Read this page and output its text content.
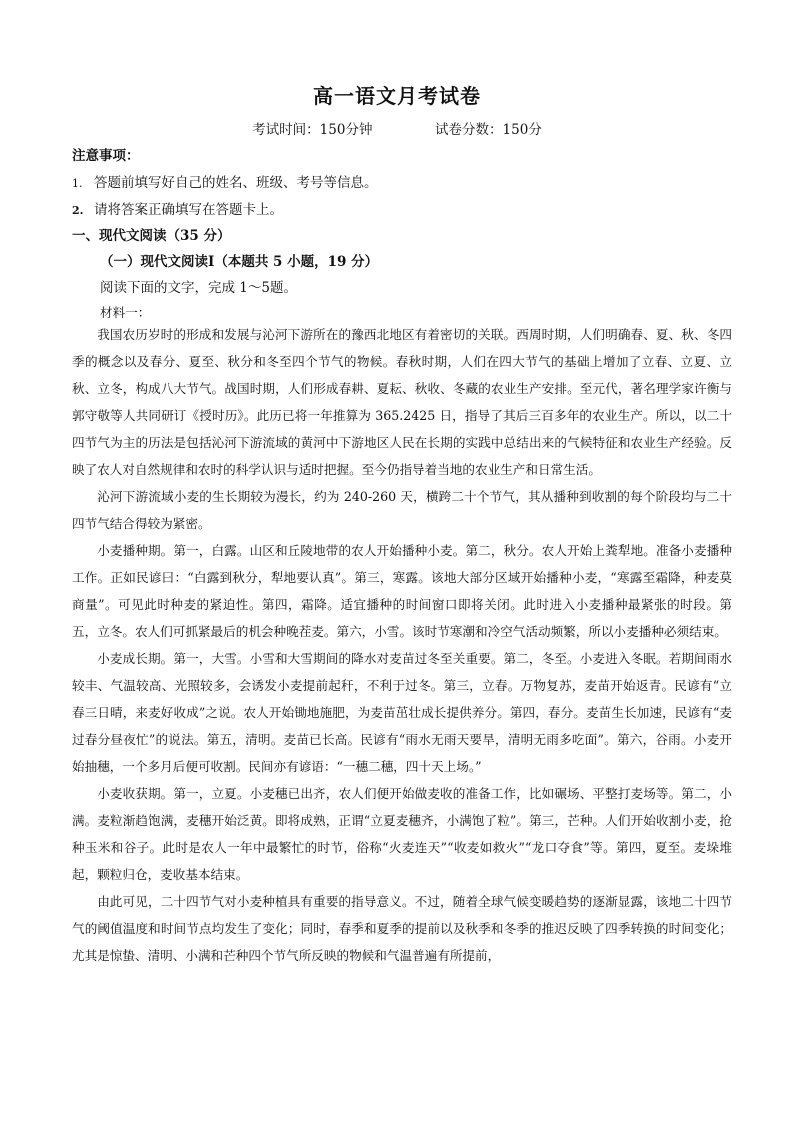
高一语文月考试卷
考试时间：150分钟	试卷分数：150分
注意事项：
1. 答题前填写好自己的姓名、班级、考号等信息。
2. 请将答案正确填写在答题卡上。
一、现代文阅读（35 分）
（一）现代文阅读Ⅰ（本题共 5 小题，19 分）
阅读下面的文字，完成 1～5题。
材料一：

我国农历岁时的形成和发展与沁河下游所在的豫西北地区有着密切的关联。西周时期，人们明确春、夏、秋、冬四季的概念以及春分、夏至、秋分和冬至四个节气的物候。春秋时期，人们在四大节气的基础上增加了立春、立夏、立秋、立冬，构成八大节气。战国时期，人们形成春耕、夏耘、秋收、冬藏的农业生产安排。至元代，著名理学家许衡与郭守敬等人共同研订《授时历》。此历已将一年推算为 365.2425 日，指导了其后三百多年的农业生产。所以，以二十四节气为主的历法是包括沁河下游流域的黄河中下游地区人民在长期的实践中总结出来的气候特征和农业生产经验。反映了农人对自然规律和农时的科学认识与适时把握。至今仍指导着当地的农业生产和日常生活。

沁河下游流域小麦的生长期较为漫长，约为 240-260 天，横跨二十个节气，其从播种到收割的每个阶段均与二十四节气结合得较为紧密。

小麦播种期。第一，白露。山区和丘陵地带的农人开始播种小麦。第二，秋分。农人开始上粪犁地。准备小麦播种工作。正如民谚曰：“白露到秋分，犁地要认真”。第三，寒露。该地大部分区域开始播种小麦，“寒露至霜降，种麦莫商量”。可见此时种麦的紧迫性。第四，霜降。适宜播种的时间窗口即将关闭。此时进入小麦播种最紧张的时段。第五，立冬。农人们可抓紧最后的机会种晚茬麦。第六，小雪。该时节寒潮和冷空气活动频繁，所以小麦播种必须结束。

小麦成长期。第一，大雪。小雪和大雪期间的降水对麦苗过冬至关重要。第二，冬至。小麦进入冬眠。若期间雨水较丰、气温较高、光照较多，会诱发小麦提前起秆，不利于过冬。第三，立春。万物复苏，麦苗开始返青。民谚有“立春三日晴，来麦好收成”之说。农人开始锄地施肥，为麦苗茁壮成长提供养分。第四，春分。麦苗生长加速，民谚有“麦过春分昼夜忙”的说法。第五，清明。麦苗已长高。民谚有“雨水无雨天要旱，清明无雨多吃面”。第六，谷雨。小麦开始抽穗，一个多月后便可收割。民间亦有谚语：“一穗二穗，四十天上场。”

小麦收获期。第一，立夏。小麦穗已出齐，农人们便开始做麦收的准备工作，比如碾场、平整打麦场等。第二，小满。麦粒渐趋饱满，麦穗开始泛黄。即将成熟，正谓“立夏麦穗齐，小满饱了粒”。第三，芒种。人们开始收割小麦，抢种玉米和谷子。此时是农人一年中最繁忙的时节，俗称“火麦连天”“收麦如救火”“龙口夺食”等。第四，夏至。麦垛堆起，颗粒归仓，麦收基本结束。

由此可见，二十四节气对小麦种植具有重要的指导意义。不过，随着全球气候变暖趋势的逐渐显露，该地二十四节气的阈值温度和时间节点均发生了变化；同时，春季和夏季的提前以及秋季和冬季的推迟反映了四季转换的时间变化；尤其是惊蛰、清明、小满和芒种四个节气所反映的物候和气温普遍有所提前，
